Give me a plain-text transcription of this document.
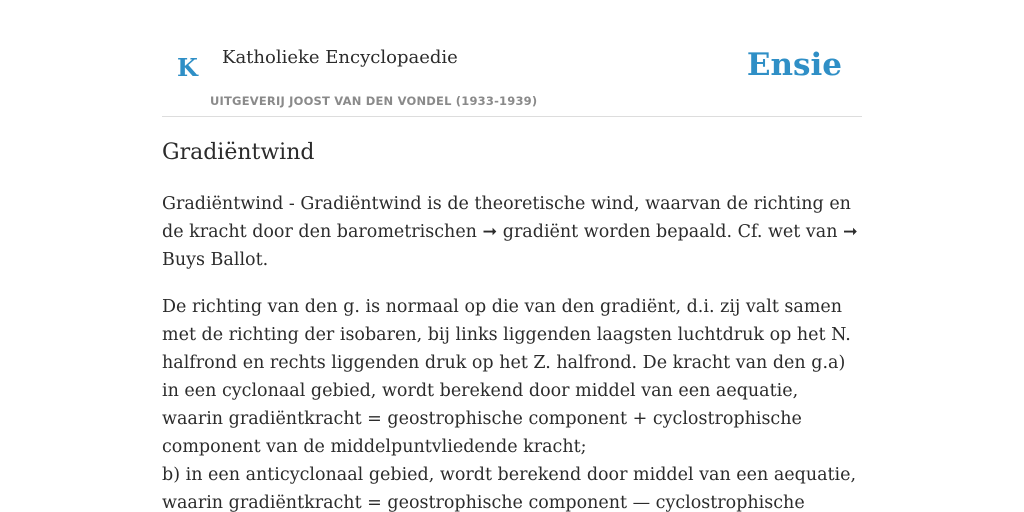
K Katholieke Encyclopaedie
UITGEVERIJ JOOST VAN DEN VONDEL (1933-1939)
Ensie
Gradiëntwind

Gradiëntwind - Gradiëntwind is de theoretische wind, waarvan de richting en de kracht door den barometrischen ➞ gradiënt worden bepaald. Cf. wet van ➞ Buys Ballot.

De richting van den g. is normaal op die van den gradiënt, d.i. zij valt samen met de richting der isobaren, bij links liggenden laagsten luchtdruk op het N. halfrond en rechts liggenden druk op het Z. halfrond. De kracht van den g.a) in een cyclonaal gebied, wordt berekend door middel van een aequatie, waarin gradiëntkracht = geostrophische component + cyclostrophische component van de middelpuntvliedende kracht;
b) in een anticyclonaal gebied, wordt berekend door middel van een aequatie, waarin gradiëntkracht = geostrophische component — cyclostrophische
